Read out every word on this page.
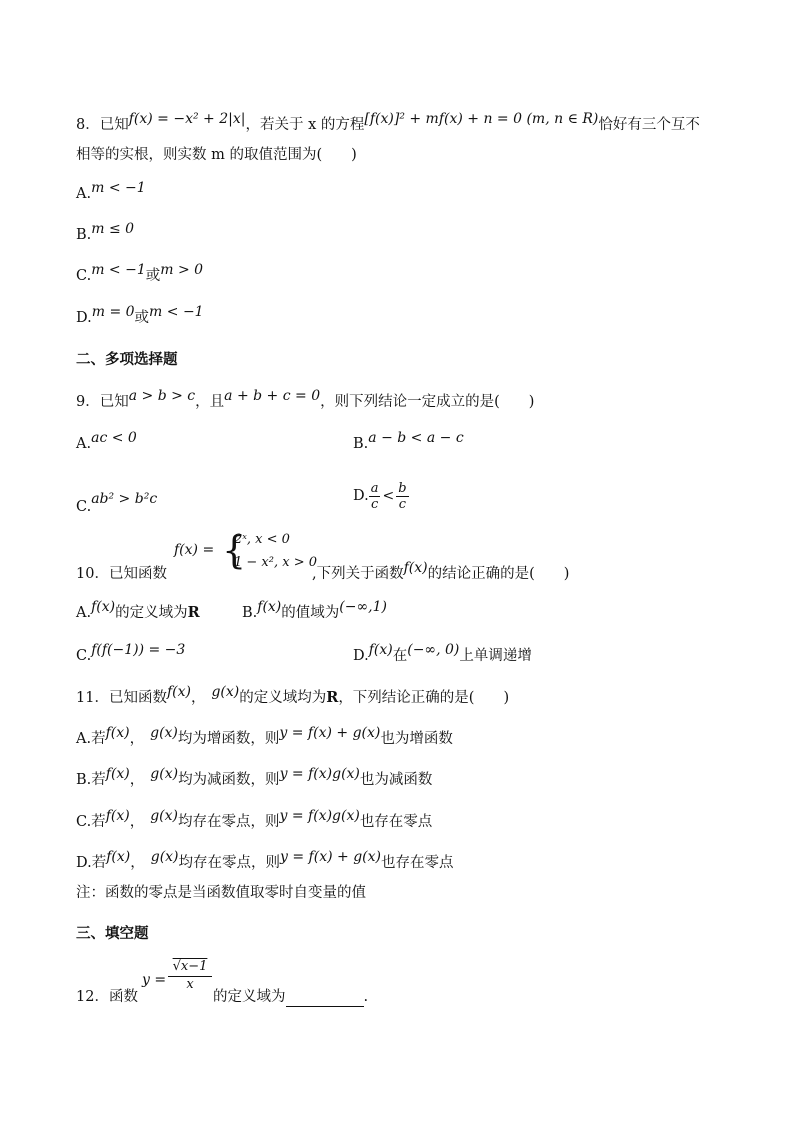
8．已知f(x) = −x² + 2|x|，若关于 x 的方程[f(x)]² + mf(x) + n = 0 (m, n ∈ R)恰好有三个互不
相等的实根，则实数 m 的取值范围为(　　)
A.m < −1
B.m ≤ 0
C.m < −1或m > 0
D.m = 0或m < −1
二、多项选择题
9．已知a > b > c，且a + b + c = 0，则下列结论一定成立的是(　　)
A.ac < 0	B.a − b < a − c
C.ab² > b²c	D. $\frac{a}{c} < \frac{b}{c}$
10．已知函数
f(x) = {
2ˣ, x < 0
1 − x², x > 0
,下列关于函数f(x)的结论正确的是(　　)
A.f(x)的定义域为R	B.f(x)的值域为(−∞,1)
C.f(f(−1)) = −3	D.f(x)在(−∞, 0)上单调递增
11．已知函数f(x)， g(x)的定义域均为R，下列结论正确的是(　　)
A.若f(x)， g(x)均为增函数，则y = f(x) + g(x)也为增函数
B.若f(x)， g(x)均为减函数，则y = f(x)g(x)也为减函数
C.若f(x)， g(x)均存在零点，则y = f(x)g(x)也存在零点
D.若f(x)， g(x)均存在零点，则y = f(x) + g(x)也存在零点
注：函数的零点是当函数值取零时自变量的值
三、填空题
12．函数
$y = \frac{√x-1}{x}$
的定义域为	.
